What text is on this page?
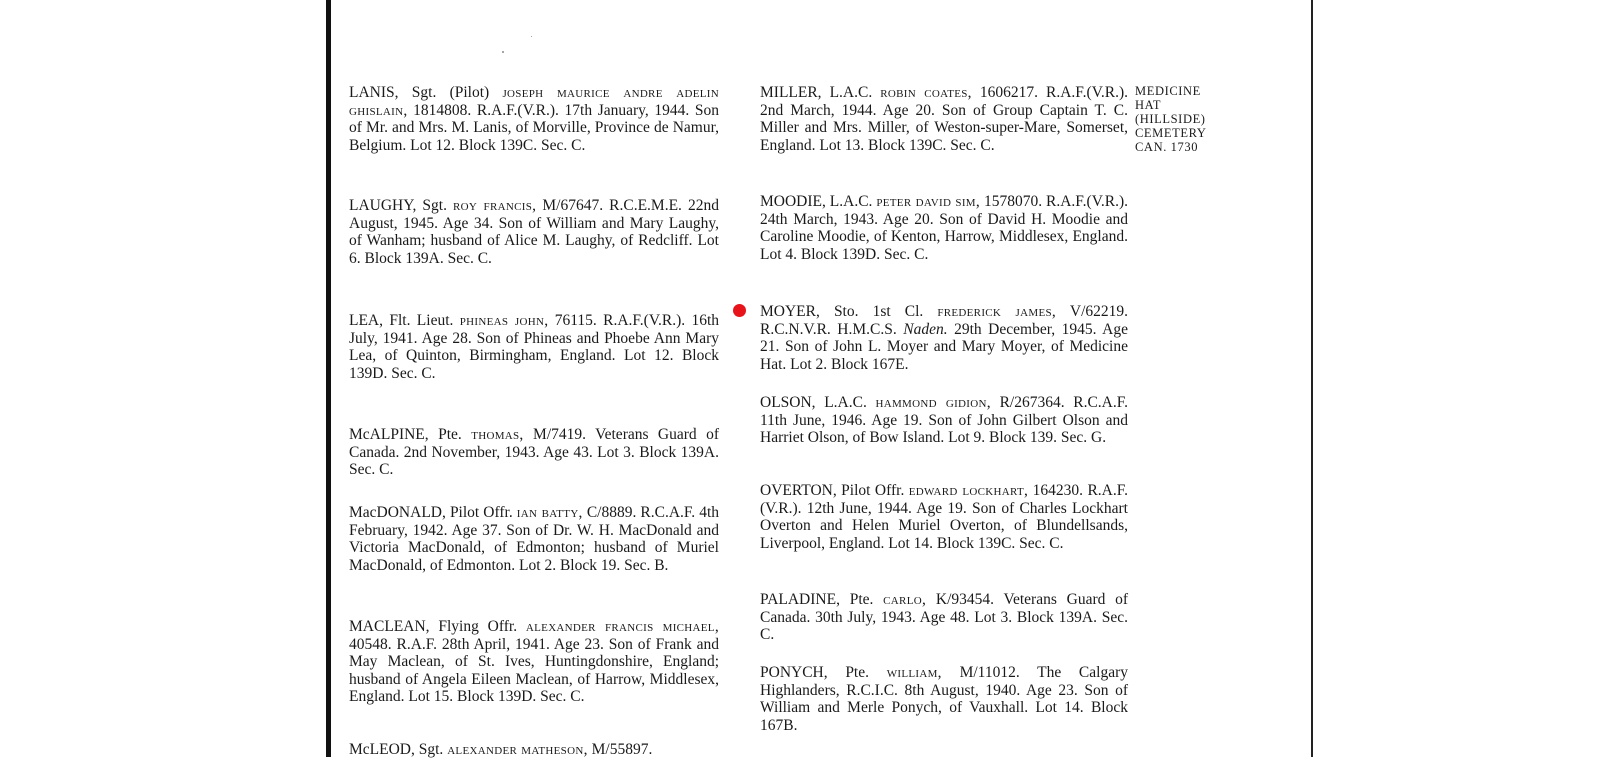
LANIS, Sgt. (Pilot) joseph maurice andre adelin ghislain, 1814808. R.A.F.(V.R.). 17th January, 1944. Son of Mr. and Mrs. M. Lanis, of Morville, Province de Namur, Belgium. Lot 12. Block 139C. Sec. C.

LAUGHY, Sgt. roy francis, M/67647. R.C.E.M.E. 22nd August, 1945. Age 34. Son of William and Mary Laughy, of Wanham; husband of Alice M. Laughy, of Redcliff. Lot 6. Block 139A. Sec. C.

LEA, Flt. Lieut. phineas john, 76115. R.A.F.(V.R.). 16th July, 1941. Age 28. Son of Phineas and Phoebe Ann Mary Lea, of Quinton, Birmingham, England. Lot 12. Block 139D. Sec. C.

McALPINE, Pte. thomas, M/7419. Veterans Guard of Canada. 2nd November, 1943. Age 43. Lot 3. Block 139A. Sec. C.

MacDONALD, Pilot Offr. ian batty, C/8889. R.C.A.F. 4th February, 1942. Age 37. Son of Dr. W. H. MacDonald and Victoria MacDonald, of Edmonton; husband of Muriel MacDonald, of Edmonton. Lot 2. Block 19. Sec. B.

MACLEAN, Flying Offr. alexander francis michael, 40548. R.A.F. 28th April, 1941. Age 23. Son of Frank and May Maclean, of St. Ives, Huntingdonshire, England; husband of Angela Eileen Maclean, of Harrow, Middlesex, England. Lot 15. Block 139D. Sec. C.

McLEOD, Sgt. alexander matheson, M/55897.

MILLER, L.A.C. robin coates, 1606217. R.A.F.(V.R.). 2nd March, 1944. Age 20. Son of Group Captain T. C. Miller and Mrs. Miller, of Weston-super-Mare, Somerset, England. Lot 13. Block 139C. Sec. C.

MOODIE, L.A.C. peter david sim, 1578070. R.A.F.(V.R.). 24th March, 1943. Age 20. Son of David H. Moodie and Caroline Moodie, of Kenton, Harrow, Middlesex, England. Lot 4. Block 139D. Sec. C.

MOYER, Sto. 1st Cl. frederick james, V/62219. R.C.N.V.R. H.M.C.S. Naden. 29th December, 1945. Age 21. Son of John L. Moyer and Mary Moyer, of Medicine Hat. Lot 2. Block 167E.

OLSON, L.A.C. hammond gidion, R/267364. R.C.A.F. 11th June, 1946. Age 19. Son of John Gilbert Olson and Harriet Olson, of Bow Island. Lot 9. Block 139. Sec. G.

OVERTON, Pilot Offr. edward lockhart, 164230. R.A.F.(V.R.). 12th June, 1944. Age 19. Son of Charles Lockhart Overton and Helen Muriel Overton, of Blundellsands, Liverpool, England. Lot 14. Block 139C. Sec. C.

PALADINE, Pte. carlo, K/93454. Veterans Guard of Canada. 30th July, 1943. Age 48. Lot 3. Block 139A. Sec. C.

PONYCH, Pte. william, M/11012. The Calgary Highlanders, R.C.I.C. 8th August, 1940. Age 23. Son of William and Merle Ponych, of Vauxhall. Lot 14. Block 167B.

MEDICINE
HAT
(HILLSIDE)
CEMETERY
CAN. 1730
